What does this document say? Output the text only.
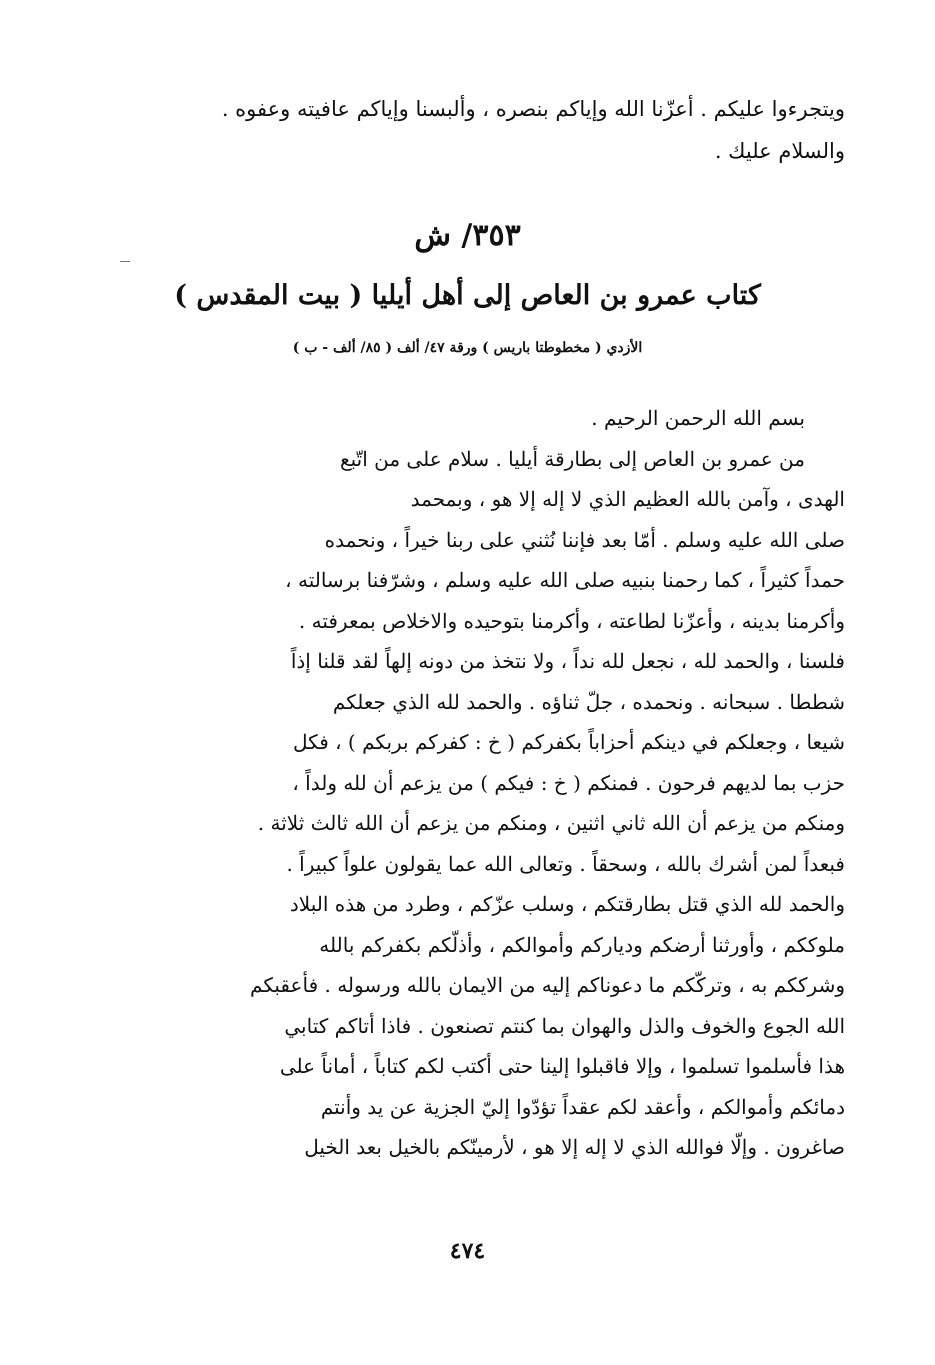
ويتجرءوا عليكم . أعزّنا الله وإياكم بنصره ، وألبسنا وإياكم عافيته وعفوه .
والسلام عليك .
٣٥٣/ ش
كتاب عمرو بن العاص إلى أهل أيليا ( بيت المقدس )
الأزدي ( مخطوطتا باريس ) ورقة ٤٧/ ألف ( ٨٥/ ألف - ب )
بسم الله الرحمن الرحيم .
من عمرو بن العاص إلى بطارقة أيليا . سلام على من اتّبع
الهدى ، وآمن بالله العظيم الذي لا إله إلا هو ، وبمحمد
صلى الله عليه وسلم . أمّا بعد فإننا نُثني على ربنا خيراً ، ونحمده
حمداً كثيراً ، كما رحمنا بنبيه صلى الله عليه وسلم ، وشرّفنا برسالته ،
وأكرمنا بدينه ، وأعزّنا لطاعته ، وأكرمنا بتوحيده والاخلاص بمعرفته .
فلسنا ، والحمد لله ، نجعل لله نداً ، ولا نتخذ من دونه إلهاً لقد قلنا إذاً
شططا . سبحانه . ونحمده ، جلّ ثناؤه . والحمد لله الذي جعلكم
شيعا ، وجعلكم في دينكم أحزاباً بكفركم ( خ : كفركم بربكم ) ، فكل
حزب بما لديهم فرحون . فمنكم ( خ : فيكم ) من يزعم أن لله ولداً ،
ومنكم من يزعم أن الله ثاني اثنين ، ومنكم من يزعم أن الله ثالث ثلاثة .
فبعداً لمن أشرك بالله ، وسحقاً . وتعالى الله عما يقولون علواً كبيراً .
والحمد لله الذي قتل بطارقتكم ، وسلب عزّكم ، وطرد من هذه البلاد
ملوككم ، وأورثنا أرضكم ودياركم وأموالكم ، وأذلّكم بكفركم بالله
وشرككم به ، وتركّكم ما دعوناكم إليه من الايمان بالله ورسوله . فأعقبكم
الله الجوع والخوف والذل والهوان بما كنتم تصنعون . فاذا أتاكم كتابي
هذا فأسلموا تسلموا ، وإلا فاقبلوا إلينا حتى أكتب لكم كتاباً ، أماناً على
دمائكم وأموالكم ، وأعقد لكم عقداً تؤدّوا إليّ الجزية عن يد وأنتم
صاغرون . وإلّا فوالله الذي لا إله إلا هو ، لأرمينّكم بالخيل بعد الخيل
٤٧٤
